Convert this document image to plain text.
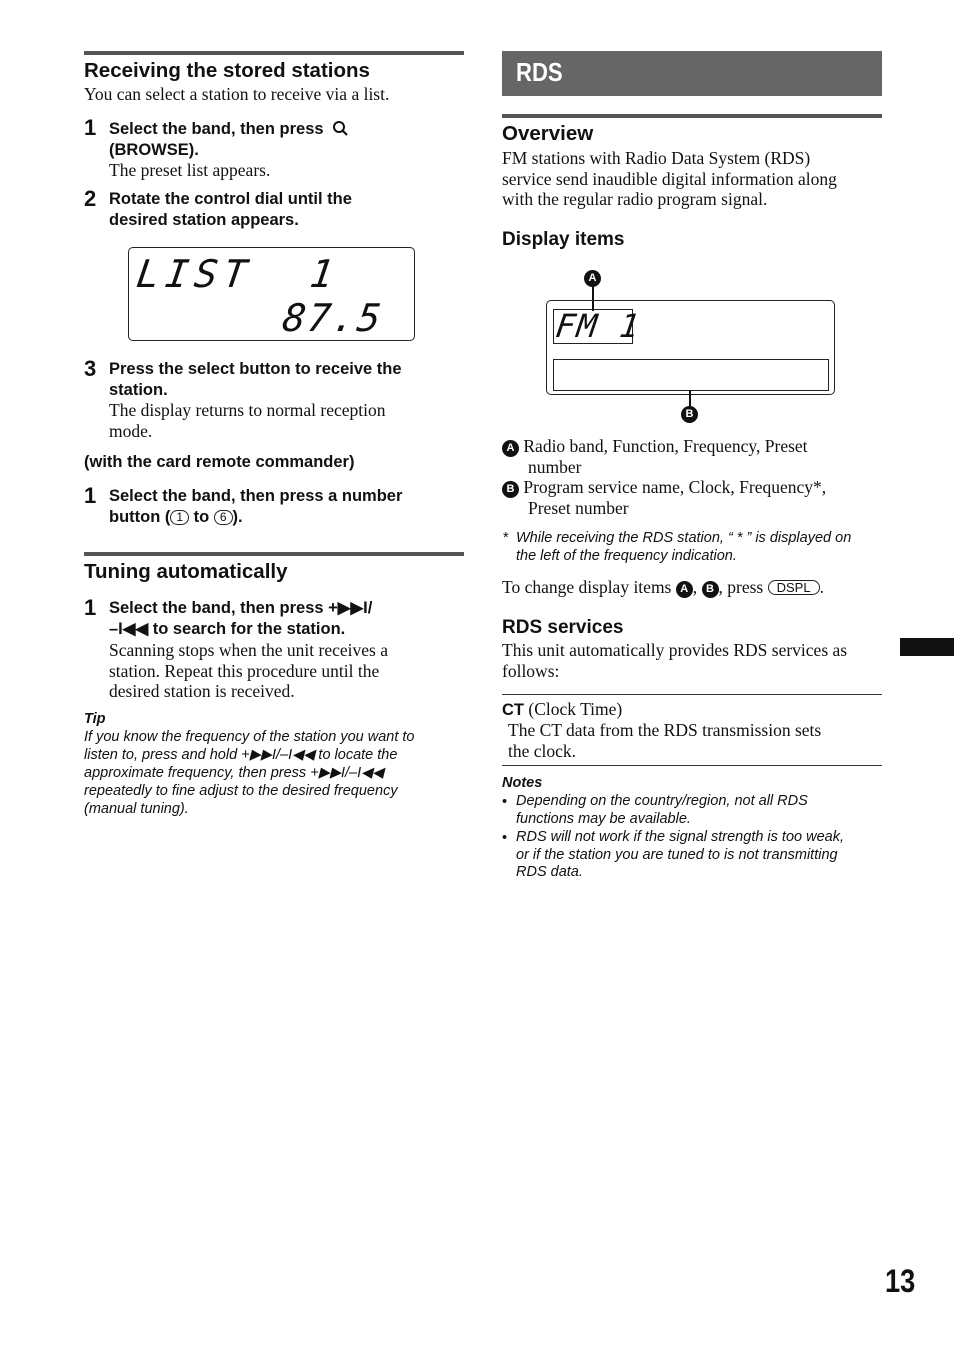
Receiving the stored stations
You can select a station to receive via a list.
1 Select the band, then press
(BROWSE).
The preset list appears.
2 Rotate the control dial until the
desired station appears.
LIST  1
87.5
3 Press the select button to receive the
station.
The display returns to normal reception
mode.
(with the card remote commander)
1 Select the band, then press a number
button ( 1 to 6 ).
Tuning automatically
1 Select the band, then press +▶▶I/
–I◀◀ to search for the station.
Scanning stops when the unit receives a
station. Repeat this procedure until the
desired station is received.
Tip
If you know the frequency of the station you want to
listen to, press and hold +▶▶I/–I◀◀ to locate the
approximate frequency, then press +▶▶I/–I◀◀
repeatedly to fine adjust to the desired frequency
(manual tuning).
RDS
Overview
FM stations with Radio Data System (RDS)
service send inaudible digital information along
with the regular radio program signal.
Display items
A
FM 1
B
A Radio band, Function, Frequency, Preset
number
B Program service name, Clock, Frequency*,
Preset number
* While receiving the RDS station, “ * ” is displayed on
the left of the frequency indication.
To change display items A , B , press DSPL .
RDS services
This unit automatically provides RDS services as
follows:
CT (Clock Time)
The CT data from the RDS transmission sets
the clock.
Notes
• Depending on the country/region, not all RDS
functions may be available.
• RDS will not work if the signal strength is too weak,
or if the station you are tuned to is not transmitting
RDS data.
13
